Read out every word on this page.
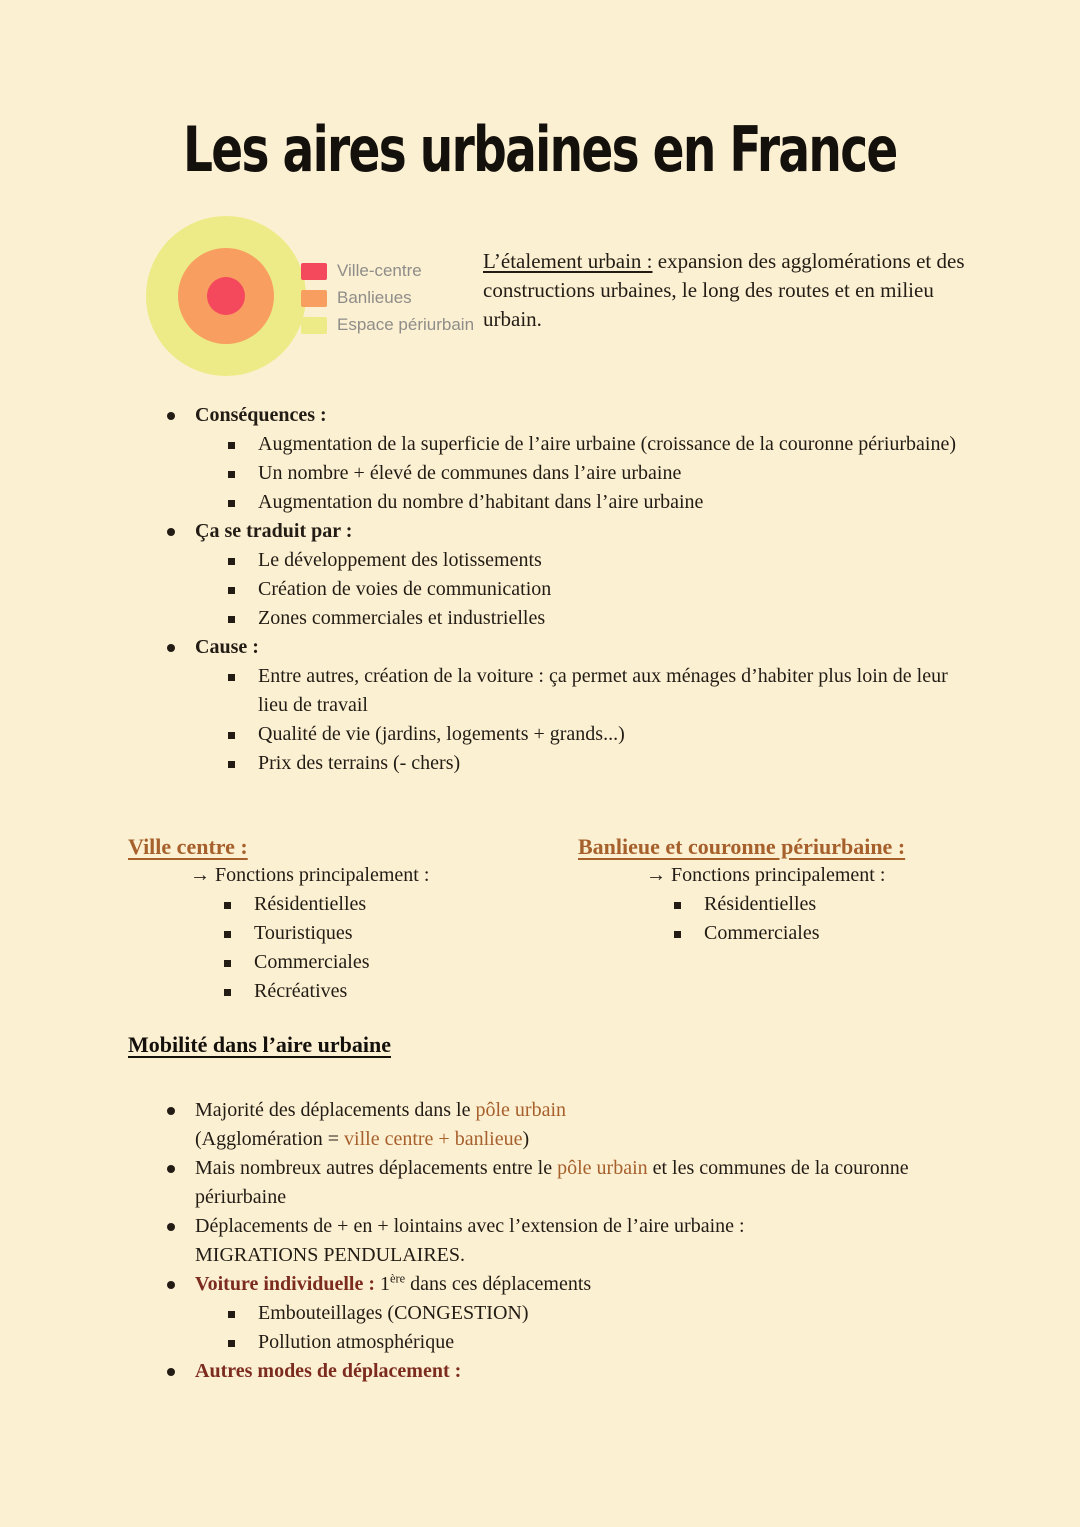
Les aires urbaines en France
Ville-centre
Banlieues
Espace périurbain

L’étalement urbain : expansion des agglomérations et des constructions urbaines, le long des routes et en milieu urbain.

Conséquences :
Augmentation de la superficie de l’aire urbaine (croissance de la couronne périurbaine)
Un nombre + élevé de communes dans l’aire urbaine
Augmentation du nombre d’habitant dans l’aire urbaine
Ça se traduit par :
Le développement des lotissements
Création de voies de communication
Zones commerciales et industrielles
Cause :
Entre autres, création de la voiture : ça permet aux ménages d’habiter plus loin de leur lieu de travail
Qualité de vie (jardins, logements + grands...)
Prix des terrains (- chers)
Ville centre :
→ Fonctions principalement :
Résidentielles
Touristiques
Commerciales
Récréatives
Banlieue et couronne périurbaine :
→ Fonctions principalement :
Résidentielles
Commerciales
Mobilité dans l’aire urbaine
Majorité des déplacements dans le pôle urbain
(Agglomération = ville centre + banlieue)
Mais nombreux autres déplacements entre le pôle urbain et les communes de la couronne périurbaine
Déplacements de + en + lointains avec l’extension de l’aire urbaine :
MIGRATIONS PENDULAIRES.
Voiture individuelle : 1ère dans ces déplacements
Embouteillages (CONGESTION)
Pollution atmosphérique
Autres modes de déplacement :
